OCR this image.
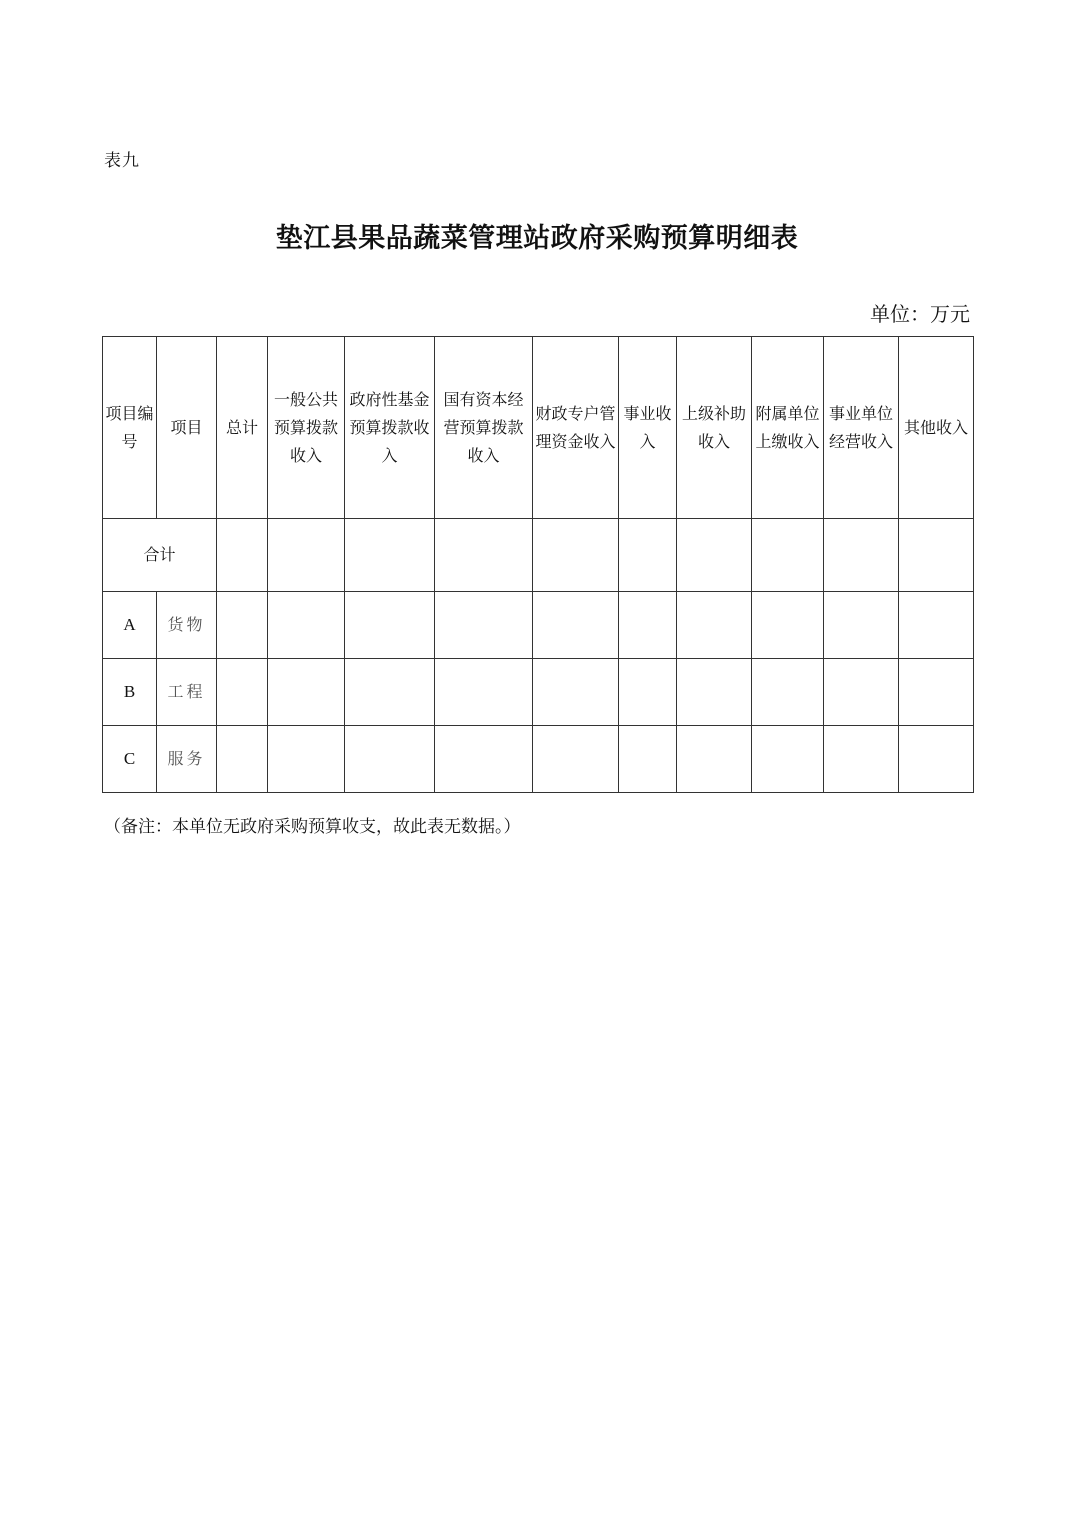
表九
垫江县果品蔬菜管理站政府采购预算明细表
单位：万元
项目编号	项目	总计	一般公共预算拨款收入	政府性基金预算拨款收入	国有资本经营预算拨款收入	财政专户管理资金收入	事业收入	上级补助收入	附属单位上缴收入	事业单位经营收入	其他收入
合计											
A	货物										
B	工程										
C	服务										
（备注：本单位无政府采购预算收支，故此表无数据。）
